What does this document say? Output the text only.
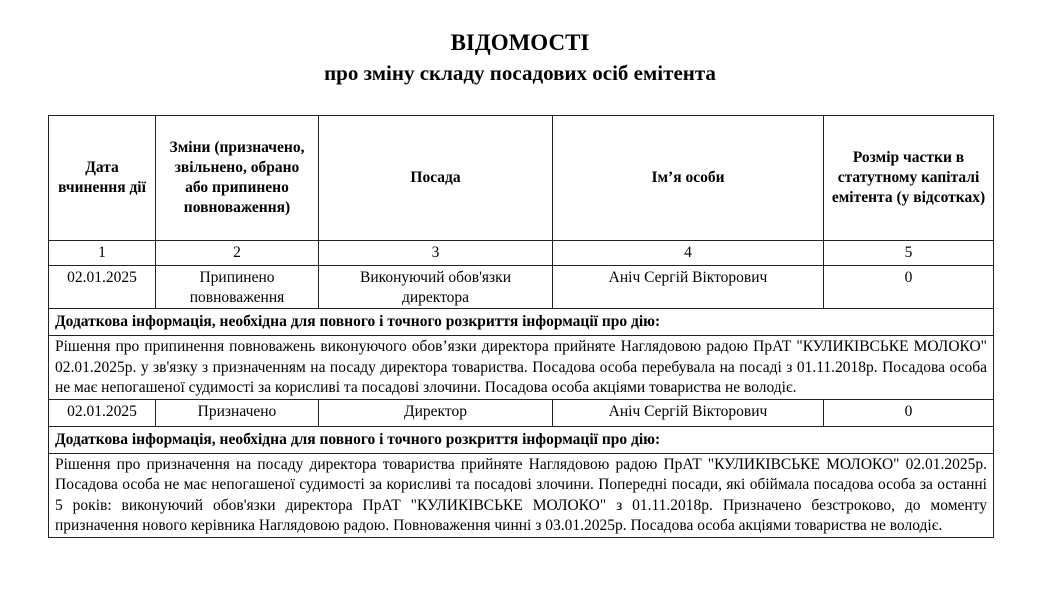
ВІДОМОСТІ
про зміну складу посадових осіб емітента
Дата вчинення дії	Зміни (призначено, звільнено, обрано або припинено повноваження)	Посада	Ім’я особи	Розмір частки в статутному капіталі емітента (у відсотках)
1	2	3	4	5
02.01.2025	Припинено повноваження	Виконуючий обов'язки директора	Аніч Сергій Вікторович	0
Додаткова інформація, необхідна для повного і точного розкриття інформації про дію:				
Рішення про припинення повноважень виконуючого обов’язки директора прийняте Наглядовою радою ПрАТ "КУЛИКІВСЬКЕ МОЛОКО" 02.01.2025р. у зв'язку з призначенням на посаду директора товариства. Посадова особа перебувала на посаді з 01.11.2018р. Посадова особа не має непогашеної судимості за корисливі та посадові злочини. Посадова особа акціями товариства не володіє.				
02.01.2025	Призначено	Директор	Аніч Сергій Вікторович	0
Додаткова інформація, необхідна для повного і точного розкриття інформації про дію:				
Рішення про призначення на посаду директора товариства прийняте Наглядовою радою ПрАТ "КУЛИКІВСЬКЕ МОЛОКО" 02.01.2025р. Посадова особа не має непогашеної судимості за корисливі та посадові злочини. Попередні посади, які обіймала посадова особа за останні 5 років: виконуючий обов'язки директора ПрАТ "КУЛИКІВСЬКЕ МОЛОКО" з 01.11.2018р. Призначено безстроково, до моменту призначення нового керівника Наглядовою радою. Повноваження чинні з 03.01.2025р. Посадова особа акціями товариства не володіє.				
